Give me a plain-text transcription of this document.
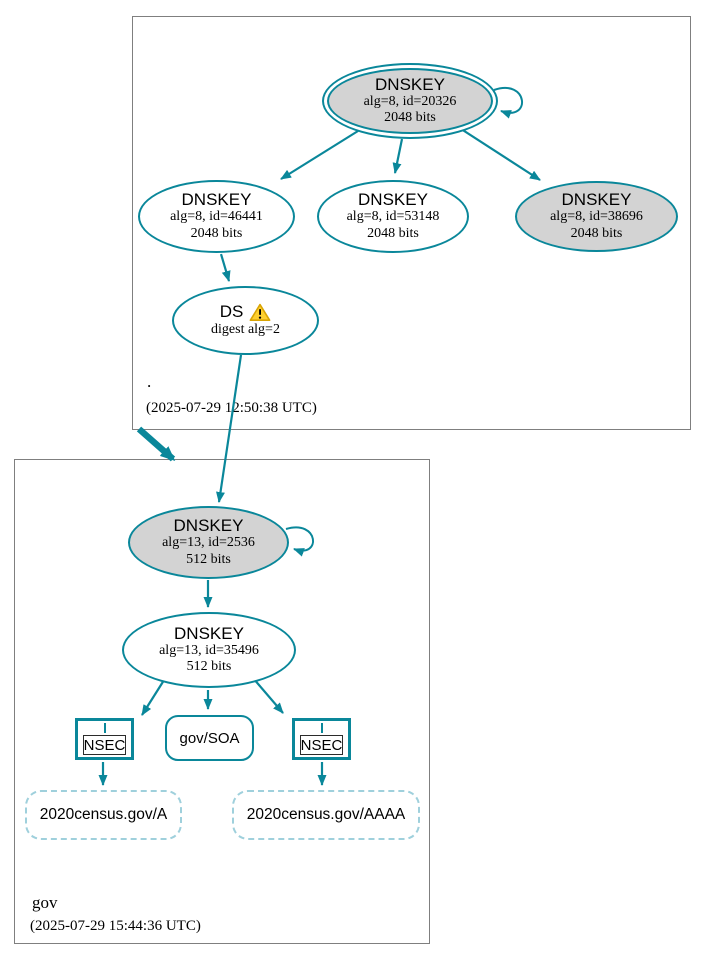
.
(2025-07-29 12:50:38 UTC)
gov
(2025-07-29 15:44:36 UTC)
DNSKEY
alg=8, id=20326
2048 bits
DNSKEY
alg=8, id=46441
2048 bits
DNSKEY
alg=8, id=53148
2048 bits
DNSKEY
alg=8, id=38696
2048 bits
DS
digest alg=2
DNSKEY
alg=13, id=2536
512 bits
DNSKEY
alg=13, id=35496
512 bits
NSEC	gov/SOA	NSEC
2020census.gov/A	2020census.gov/AAAA
